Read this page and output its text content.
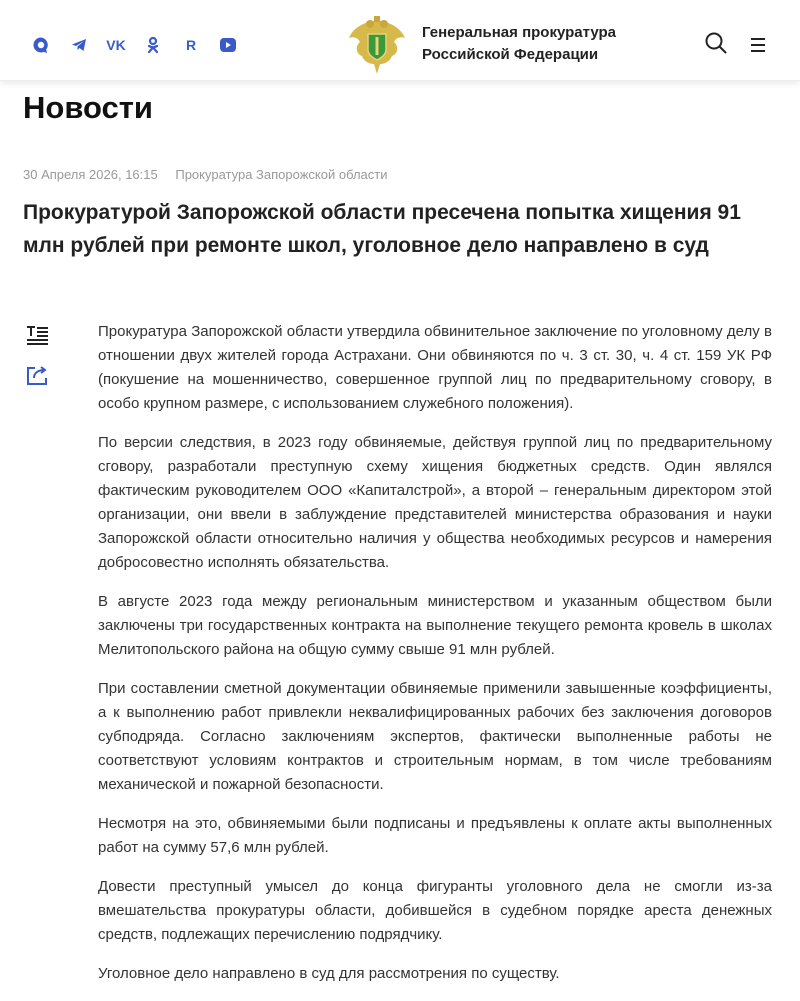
VK	R
Генеральная прокуратура
Российской Федерации
Новости
30 Апреля 2026, 16:15 Прокуратура Запорожской области
Прокуратурой Запорожской области пресечена попытка хищения 91 млн рублей при ремонте школ, уголовное дело направлено в суд

Прокуратура Запорожской области утвердила обвинительное заключение по уголовному делу в отношении двух жителей города Астрахани. Они обвиняются по ч. 3 ст. 30, ч. 4 ст. 159 УК РФ (покушение на мошенничество, совершенное группой лиц по предварительному сговору, в особо крупном размере, с использованием служебного положения).

По версии следствия, в 2023 году обвиняемые, действуя группой лиц по предварительному сговору, разработали преступную схему хищения бюджетных средств. Один являлся фактическим руководителем ООО «Капиталстрой», а второй – генеральным директором этой организации, они ввели в заблуждение представителей министерства образования и науки Запорожской области относительно наличия у общества необходимых ресурсов и намерения добросовестно исполнять обязательства.

В августе 2023 года между региональным министерством и указанным обществом были заключены три государственных контракта на выполнение текущего ремонта кровель в школах Мелитопольского района на общую сумму свыше 91 млн рублей.

При составлении сметной документации обвиняемые применили завышенные коэффициенты, а к выполнению работ привлекли неквалифицированных рабочих без заключения договоров субподряда. Согласно заключениям экспертов, фактически выполненные работы не соответствуют условиям контрактов и строительным нормам, в том числе требованиям механической и пожарной безопасности.

Несмотря на это, обвиняемыми были подписаны и предъявлены к оплате акты выполненных работ на сумму 57,6 млн рублей.

Довести преступный умысел до конца фигуранты уголовного дела не смогли из-за вмешательства прокуратуры области, добившейся в судебном порядке ареста денежных средств, подлежащих перечислению подрядчику.

Уголовное дело направлено в суд для рассмотрения по существу.
